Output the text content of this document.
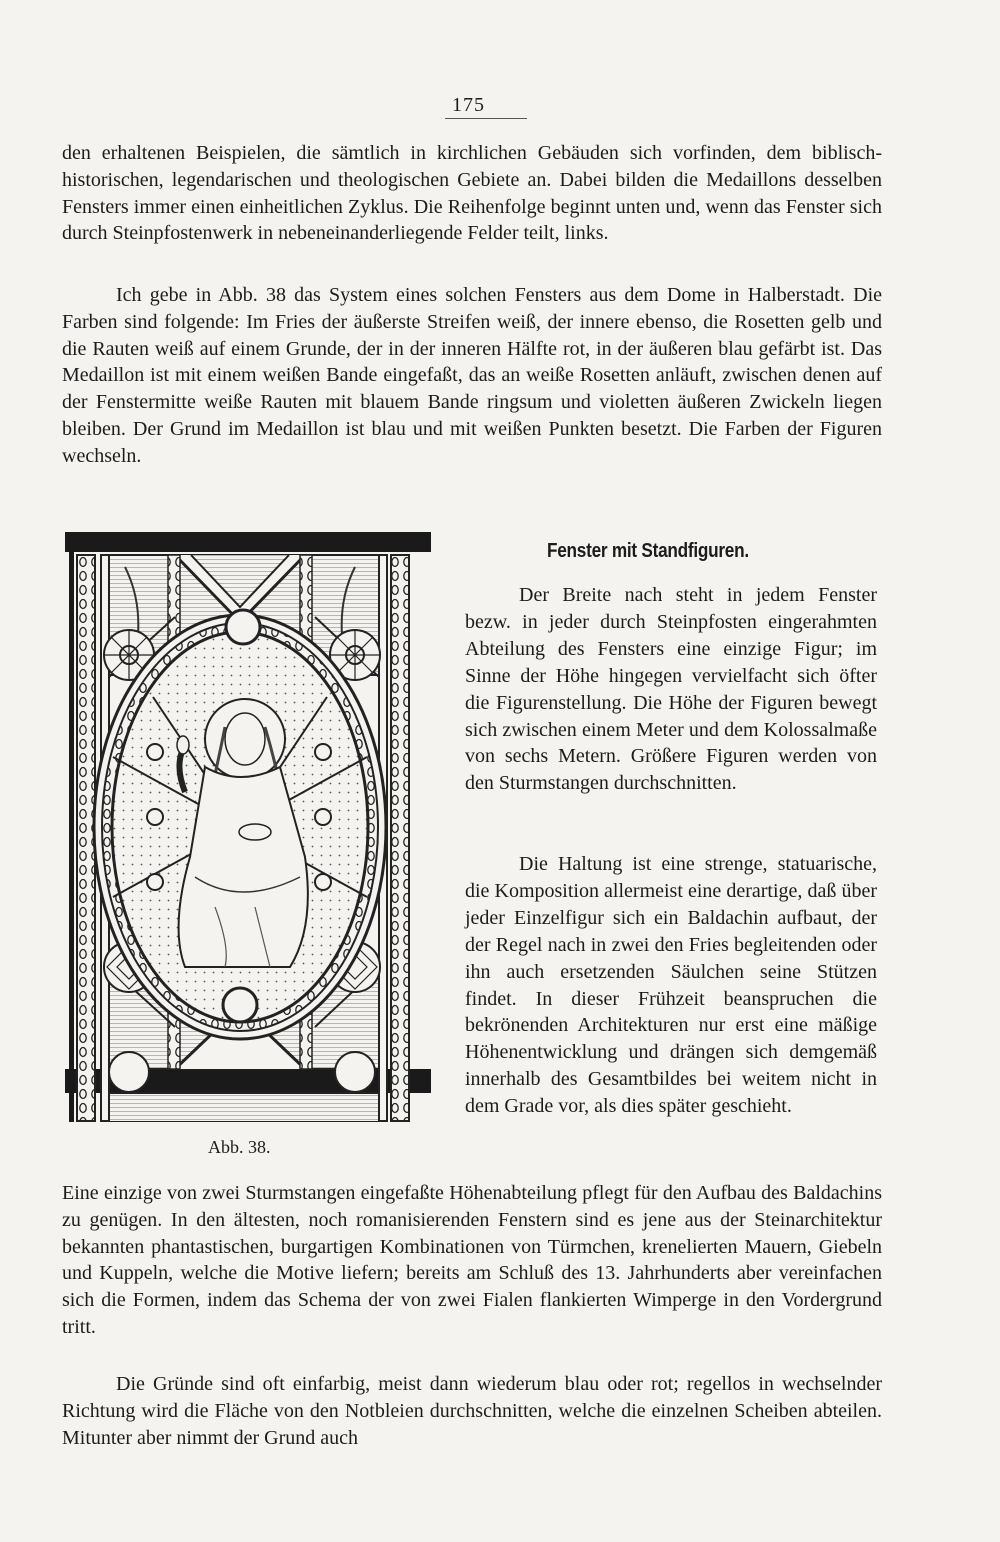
175

den erhaltenen Beispielen, die sämtlich in kirchlichen Gebäuden sich vorfinden, dem biblisch-historischen, legendarischen und theologischen Gebiete an. Dabei bilden die Medaillons desselben Fensters immer einen einheitlichen Zyklus. Die Reihenfolge beginnt unten und, wenn das Fenster sich durch Steinpfostenwerk in nebeneinanderliegende Felder teilt, links.

Ich gebe in Abb. 38 das System eines solchen Fensters aus dem Dome in Halberstadt. Die Farben sind folgende: Im Fries der äußerste Streifen weiß, der innere ebenso, die Rosetten gelb und die Rauten weiß auf einem Grunde, der in der inneren Hälfte rot, in der äußeren blau gefärbt ist. Das Medaillon ist mit einem weißen Bande eingefaßt, das an weiße Rosetten anläuft, zwischen denen auf der Fenstermitte weiße Rauten mit blauem Bande ringsum und violetten äußeren Zwickeln liegen bleiben. Der Grund im Medaillon ist blau und mit weißen Punkten besetzt. Die Farben der Figuren wechseln.

Fenster mit Standfiguren.

Der Breite nach steht in jedem Fenster bezw. in jeder durch Steinpfosten eingerahmten Abteilung des Fensters eine einzige Figur; im Sinne der Höhe hingegen vervielfacht sich öfter die Figurenstellung. Die Höhe der Figuren bewegt sich zwischen einem Meter und dem Kolossalmaße von sechs Metern. Größere Figuren werden von den Sturmstangen durchschnitten.

Die Haltung ist eine strenge, statuarische, die Komposition allermeist eine derartige, daß über jeder Einzelfigur sich ein Baldachin aufbaut, der der Regel nach in zwei den Fries begleitenden oder ihn auch ersetzenden Säulchen seine Stützen findet. In dieser Frühzeit beanspruchen die bekrönenden Architekturen nur erst eine mäßige Höhenentwicklung und drängen sich demgemäß innerhalb des Gesamtbildes bei weitem nicht in dem Grade vor, als dies später geschieht.

Abb. 38.

Eine einzige von zwei Sturmstangen eingefaßte Höhenabteilung pflegt für den Aufbau des Baldachins zu genügen. In den ältesten, noch romanisierenden Fenstern sind es jene aus der Steinarchitektur bekannten phantastischen, burgartigen Kombinationen von Türmchen, krenelierten Mauern, Giebeln und Kuppeln, welche die Motive liefern; bereits am Schluß des 13. Jahrhunderts aber vereinfachen sich die Formen, indem das Schema der von zwei Fialen flankierten Wimperge in den Vordergrund tritt.

Die Gründe sind oft einfarbig, meist dann wiederum blau oder rot; regellos in wechselnder Richtung wird die Fläche von den Notbleien durchschnitten, welche die einzelnen Scheiben abteilen. Mitunter aber nimmt der Grund auch
